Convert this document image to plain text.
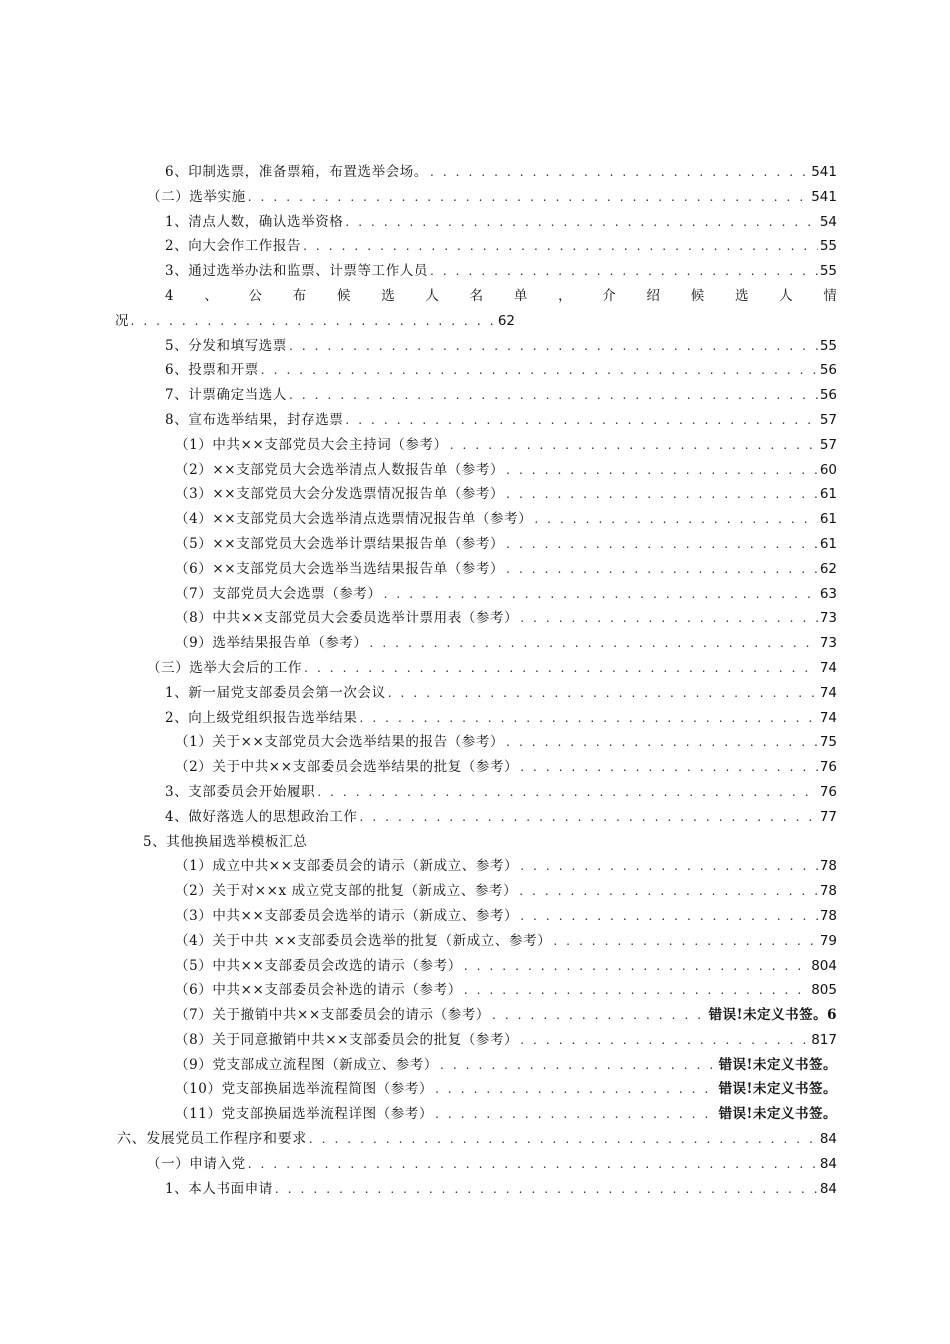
6、印制选票，准备票箱，布置选举会场。 . . .	541
（二）选举实施 . . .	541
1、清点人数，确认选举资格 . . .	54
2、向大会作工作报告 . . .	55
3、通过选举办法和监票、计票等工作人员 . . .	55
4 、 公 布 候 选 人 名 单 ， 介 绍 候 选 人 情
况 . . .	62
5、分发和填写选票 . . .	55
6、投票和开票 . . .	56
7、计票确定当选人 . . .	56
8、宣布选举结果，封存选票 . . .	57
（1）中共××支部党员大会主持词（参考） . . .	57
（2）××支部党员大会选举清点人数报告单（参考） . . .	60
（3）××支部党员大会分发选票情况报告单（参考） . . .	61
（4）××支部党员大会选举清点选票情况报告单（参考） . . .	61
（5）××支部党员大会选举计票结果报告单（参考） . . .	61
（6）××支部党员大会选举当选结果报告单（参考） . . .	62
（7）支部党员大会选票（参考） . . .	63
（8）中共××支部党员大会委员选举计票用表（参考） . . .	73
（9）选举结果报告单（参考） . . .	73
（三）选举大会后的工作 . . .	74
1、新一届党支部委员会第一次会议 . . .	74
2、向上级党组织报告选举结果 . . .	74
（1）关于××支部党员大会选举结果的报告（参考） . . .	75
（2）关于中共××支部委员会选举结果的批复（参考） . . .	76
3、支部委员会开始履职 . . .	76
4、做好落选人的思想政治工作 . . .	77
5、其他换届选举模板汇总
（1）成立中共××支部委员会的请示（新成立、参考） . . .	78
（2）关于对××x 成立党支部的批复（新成立、参考） . . .	78
（3）中共××支部委员会选举的请示（新成立、参考） . . .	78
（4）关于中共 ××支部委员会选举的批复（新成立、参考） . . .	79
（5）中共××支部委员会改选的请示（参考） . . .	804
（6）中共××支部委员会补选的请示（参考） . . .	805
（7）关于撤销中共××支部委员会的请示（参考） . . .	错误!未定义书签。6
（8）关于同意撤销中共××支部委员会的批复（参考） . . .	817
（9）党支部成立流程图（新成立、参考） . . .	错误!未定义书签。
（10）党支部换届选举流程简图（参考） . . .	错误!未定义书签。
（11）党支部换届选举流程详图（参考） . . .	错误!未定义书签。
六、发展党员工作程序和要求 . . .	84
（一）申请入党 . . .	84
1、本人书面申请 . . .	84
